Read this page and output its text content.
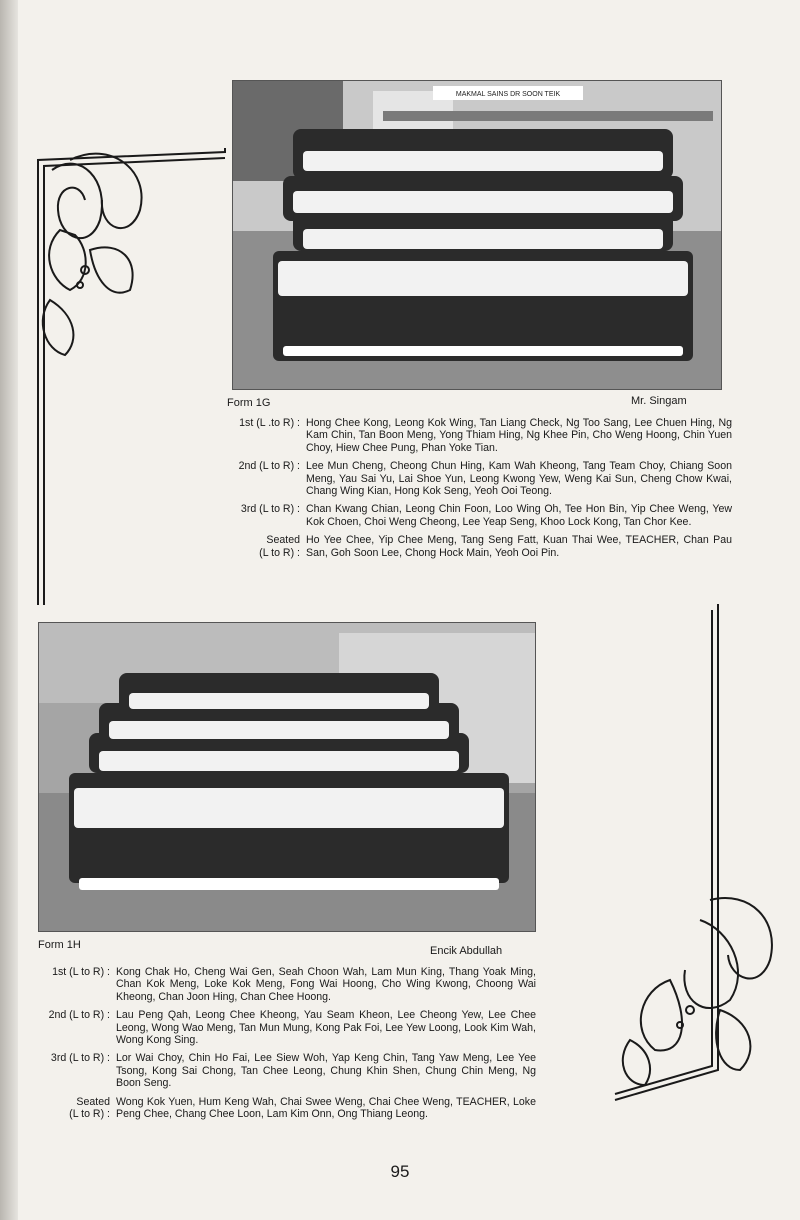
MAKMAL SAINS DR SOON TEIK
Form 1G	Mr. Singam
1st (L .to R) : Hong Chee Kong, Leong Kok Wing, Tan Liang Check, Ng Too Sang, Lee Chuen Hing, Ng Kam Chin, Tan Boon Meng, Yong Thiam Hing, Ng Khee Pin, Cho Weng Hoong, Chin Yuen Choy, Hiew Chee Pung, Phan Yoke Tian.
2nd (L to R) : Lee Mun Cheng, Cheong Chun Hing, Kam Wah Kheong, Tang Team Choy, Chiang Soon Meng, Yau Sai Yu, Lai Shoe Yun, Leong Kwong Yew, Weng Kai Sun, Cheng Chow Kwai, Chang Wing Kian, Hong Kok Seng, Yeoh Ooi Teong.
3rd (L to R) : Chan Kwang Chian, Leong Chin Foon, Loo Wing Oh, Tee Hon Bin, Yip Chee Weng, Yew Kok Choen, Choi Weng Cheong, Lee Yeap Seng, Khoo Lock Kong, Tan Chor Kee.
Seated
(L to R) :
Ho Yee Chee, Yip Chee Meng, Tang Seng Fatt, Kuan Thai Wee, TEACHER, Chan Pau San, Goh Soon Lee, Chong Hock Main, Yeoh Ooi Pin.
Form 1H	Encik Abdullah
1st (L to R) : Kong Chak Ho, Cheng Wai Gen, Seah Choon Wah, Lam Mun King, Thang Yoak Ming, Chan Kok Meng, Loke Kok Meng, Fong Wai Hoong, Cho Wing Kwong, Choong Wai Kheong, Chan Joon Hing, Chan Chee Hoong.
2nd (L to R) : Lau Peng Qah, Leong Chee Kheong, Yau Seam Kheon, Lee Cheong Yew, Lee Chee Leong, Wong Wao Meng, Tan Mun Mung, Kong Pak Foi, Lee Yew Loong, Look Kim Wah, Wong Kong Sing.
3rd (L to R) : Lor Wai Choy, Chin Ho Fai, Lee Siew Woh, Yap Keng Chin, Tang Yaw Meng, Lee Yee Tsong, Kong Sai Chong, Tan Chee Leong, Chung Khin Shen, Chung Chin Meng, Ng Boon Seng.
Seated
(L to R) :
Wong Kok Yuen, Hum Keng Wah, Chai Swee Weng, Chai Chee Weng, TEACHER, Loke Peng Chee, Chang Chee Loon, Lam Kim Onn, Ong Thiang Leong.
95
